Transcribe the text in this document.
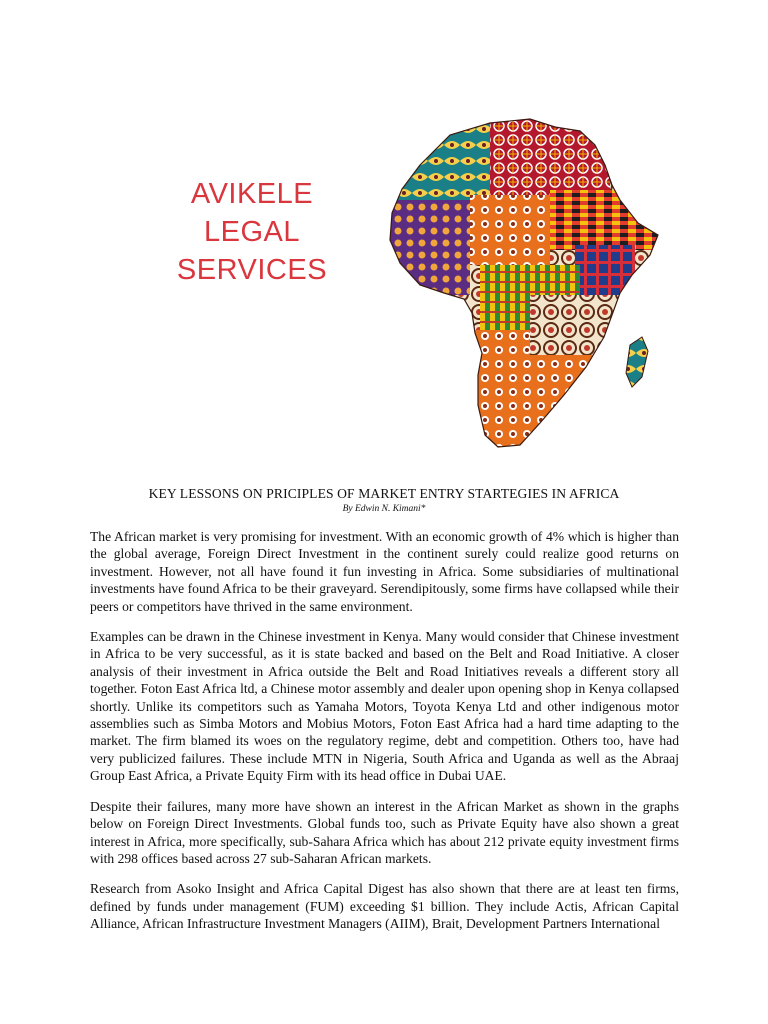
AVIKELE LEGAL
SERVICES
KEY LESSONS ON PRICIPLES OF MARKET ENTRY STARTEGIES IN AFRICA
By Edwin N. Kimani*

The African market is very promising for investment. With an economic growth of 4% which is higher than the global average, Foreign Direct Investment in the continent surely could realize good returns on investment. However, not all have found it fun investing in Africa. Some subsidiaries of multinational investments have found Africa to be their graveyard. Serendipitously, some firms have collapsed while their peers or competitors have thrived in the same environment.

Examples can be drawn in the Chinese investment in Kenya. Many would consider that Chinese investment in Africa to be very successful, as it is state backed and based on the Belt and Road Initiative. A closer analysis of their investment in Africa outside the Belt and Road Initiatives reveals a different story all together. Foton East Africa ltd, a Chinese motor assembly and dealer upon opening shop in Kenya collapsed shortly. Unlike its competitors such as Yamaha Motors, Toyota Kenya Ltd and other indigenous motor assemblies such as Simba Motors and Mobius Motors, Foton East Africa had a hard time adapting to the market. The firm blamed its woes on the regulatory regime, debt and competition. Others too, have had very publicized failures. These include MTN in Nigeria, South Africa and Uganda as well as the Abraaj Group East Africa, a Private Equity Firm with its head office in Dubai UAE.

Despite their failures, many more have shown an interest in the African Market as shown in the graphs below on Foreign Direct Investments. Global funds too, such as Private Equity have also shown a great interest in Africa, more specifically, sub-Sahara Africa which has about 212 private equity investment firms with 298 offices based across 27 sub-Saharan African markets.

Research from Asoko Insight and Africa Capital Digest has also shown that there are at least ten firms, defined by funds under management (FUM) exceeding $1 billion. They include Actis, African Capital Alliance, African Infrastructure Investment Managers (AIIM), Brait, Development Partners International
